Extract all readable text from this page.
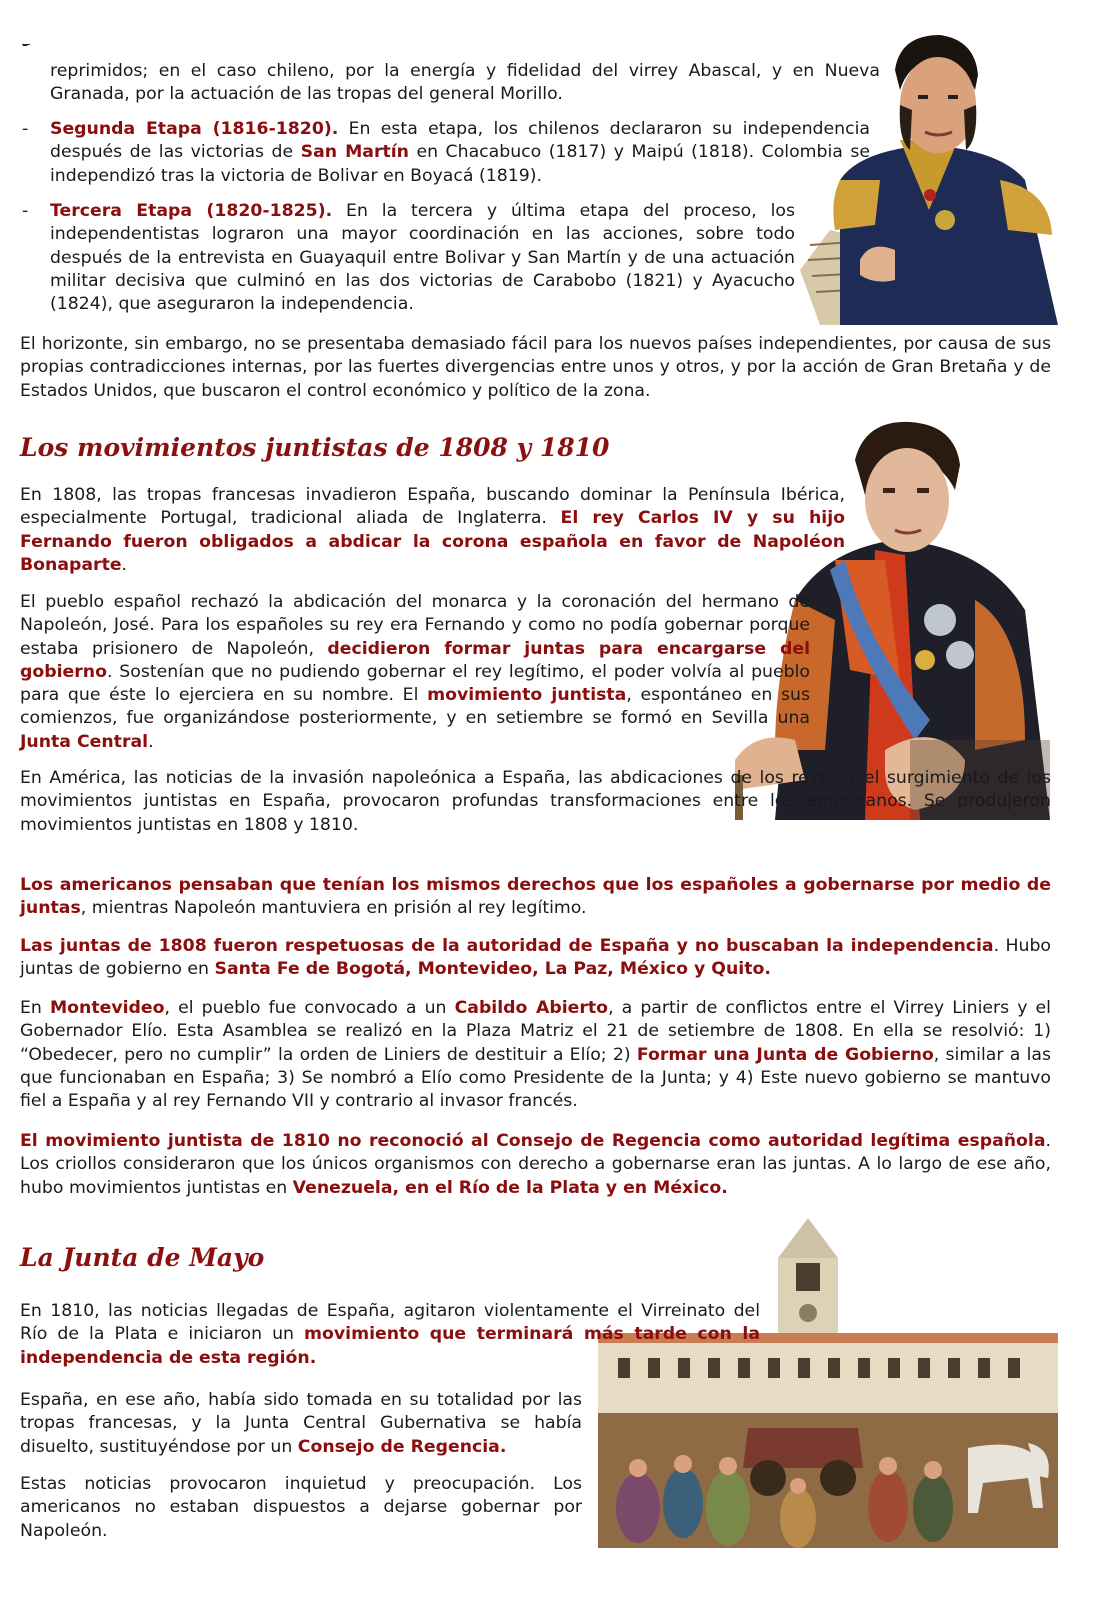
-

reprimidos; en el caso chileno, por la energía y fidelidad del virrey Abascal, y en Nueva Granada, por la actuación de las tropas del general Morillo.

- Segunda Etapa (1816-1820). En esta etapa, los chilenos declararon su independencia después de las victorias de San Martín en Chacabuco (1817) y Maipú (1818). Colombia se independizó tras la victoria de Bolivar en Boyacá (1819).

- Tercera Etapa (1820-1825). En la tercera y última etapa del proceso, los independentistas lograron una mayor coordinación en las acciones, sobre todo después de la entrevista en Guayaquil entre Bolivar y San Martín y de una actuación militar decisiva que culminó en las dos victorias de Carabobo (1821) y Ayacucho (1824), que aseguraron la independencia.

El horizonte, sin embargo, no se presentaba demasiado fácil para los nuevos países independientes, por causa de sus propias contradicciones internas, por las fuertes divergencias entre unos y otros, y por la acción de Gran Bretaña y de Estados Unidos, que buscaron el control económico y político de la zona.

Los movimientos juntistas de 1808 y 1810

En 1808, las tropas francesas invadieron España, buscando dominar la Península Ibérica, especialmente Portugal, tradicional aliada de Inglaterra. El rey Carlos IV y su hijo Fernando fueron obligados a abdicar la corona española en favor de Napoléon Bonaparte.

El pueblo español rechazó la abdicación del monarca y la coronación del hermano de Napoleón, José. Para los españoles su rey era Fernando y como no podía gobernar porque estaba prisionero de Napoleón, decidieron formar juntas para encargarse del gobierno. Sostenían que no pudiendo gobernar el rey legítimo, el poder volvía al pueblo para que éste lo ejerciera en su nombre. El movimiento juntista, espontáneo en sus comienzos, fue organizándose posteriormente, y en setiembre se formó en Sevilla una Junta Central.

En América, las noticias de la invasión napoleónica a España, las abdicaciones de los reyes y el surgimiento de los movimientos juntistas en España, provocaron profundas transformaciones entre los americanos. Se produjeron movimientos juntistas en 1808 y 1810.

Los americanos pensaban que tenían los mismos derechos que los españoles a gobernarse por medio de juntas, mientras Napoleón mantuviera en prisión al rey legítimo.

Las juntas de 1808 fueron respetuosas de la autoridad de España y no buscaban la independencia. Hubo juntas de gobierno en Santa Fe de Bogotá, Montevideo, La Paz, México y Quito.

En Montevideo, el pueblo fue convocado a un Cabildo Abierto, a partir de conflictos entre el Virrey Liniers y el Gobernador Elío. Esta Asamblea se realizó en la Plaza Matriz el 21 de setiembre de 1808. En ella se resolvió: 1) “Obedecer, pero no cumplir” la orden de Liniers de destituir a Elío; 2) Formar una Junta de Gobierno, similar a las que funcionaban en España; 3) Se nombró a Elío como Presidente de la Junta; y 4) Este nuevo gobierno se mantuvo fiel a España y al rey Fernando VII y contrario al invasor francés.

El movimiento juntista de 1810 no reconoció al Consejo de Regencia como autoridad legítima española. Los criollos consideraron que los únicos organismos con derecho a gobernarse eran las juntas. A lo largo de ese año, hubo movimientos juntistas en Venezuela, en el Río de la Plata y en México.

La Junta de Mayo

En 1810, las noticias llegadas de España, agitaron violentamente el Virreinato del Río de la Plata e iniciaron un movimiento que terminará más tarde con la independencia de esta región.

España, en ese año, había sido tomada en su totalidad por las tropas francesas, y la Junta Central Gubernativa se había disuelto, sustituyéndose por un Consejo de Regencia.

Estas noticias provocaron inquietud y preocupación. Los americanos no estaban dispuestos a dejarse gobernar por Napoleón.
